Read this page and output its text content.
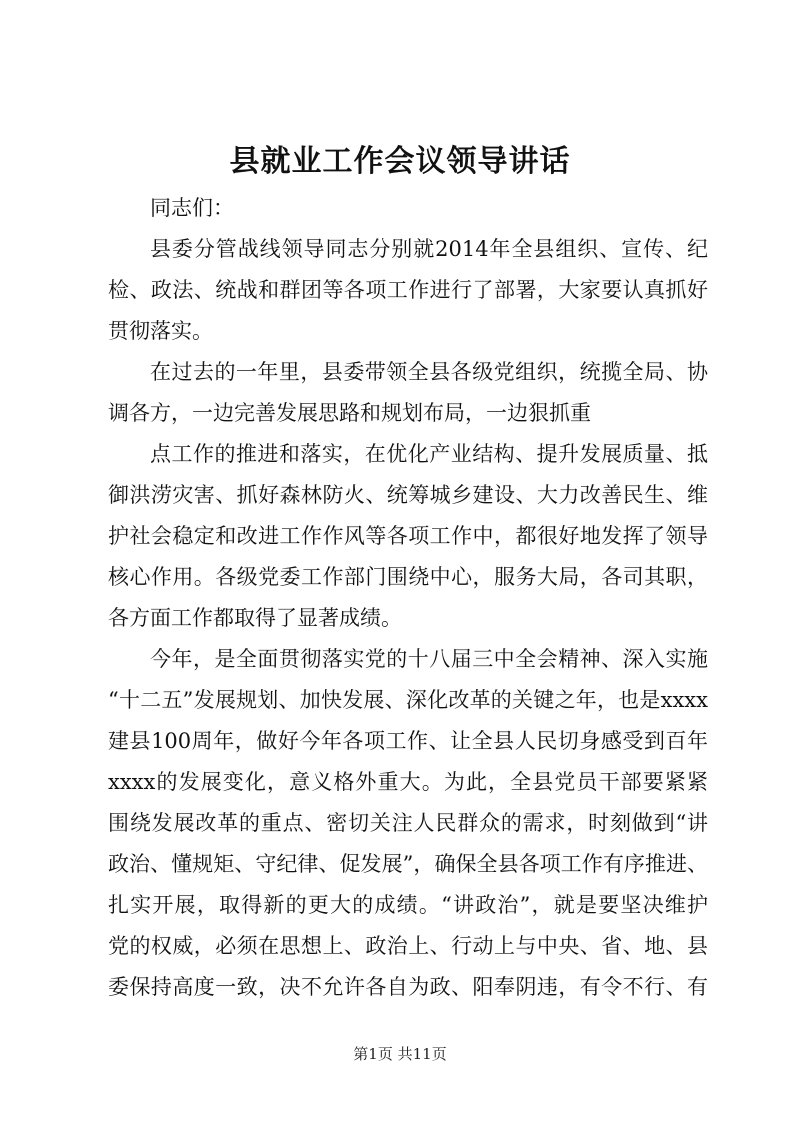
县就业工作会议领导讲话
同志们：
县委分管战线领导同志分别就2014年全县组织、宣传、纪
检、政法、统战和群团等各项工作进行了部署，大家要认真抓好
贯彻落实。
在过去的一年里，县委带领全县各级党组织，统揽全局、协
调各方，一边完善发展思路和规划布局，一边狠抓重
点工作的推进和落实，在优化产业结构、提升发展质量、抵
御洪涝灾害、抓好森林防火、统筹城乡建设、大力改善民生、维
护社会稳定和改进工作作风等各项工作中，都很好地发挥了领导
核心作用。各级党委工作部门围绕中心，服务大局，各司其职，
各方面工作都取得了显著成绩。
今年，是全面贯彻落实党的十八届三中全会精神、深入实施
“十二五”发展规划、加快发展、深化改革的关键之年，也是xxxx
建县100周年，做好今年各项工作、让全县人民切身感受到百年
xxxx的发展变化，意义格外重大。为此，全县党员干部要紧紧
围绕发展改革的重点、密切关注人民群众的需求，时刻做到“讲
政治、懂规矩、守纪律、促发展”，确保全县各项工作有序推进、
扎实开展，取得新的更大的成绩。“讲政治”，就是要坚决维护
党的权威，必须在思想上、政治上、行动上与中央、省、地、县
委保持高度一致，决不允许各自为政、阳奉阴违，有令不行、有
第1页 共11页
